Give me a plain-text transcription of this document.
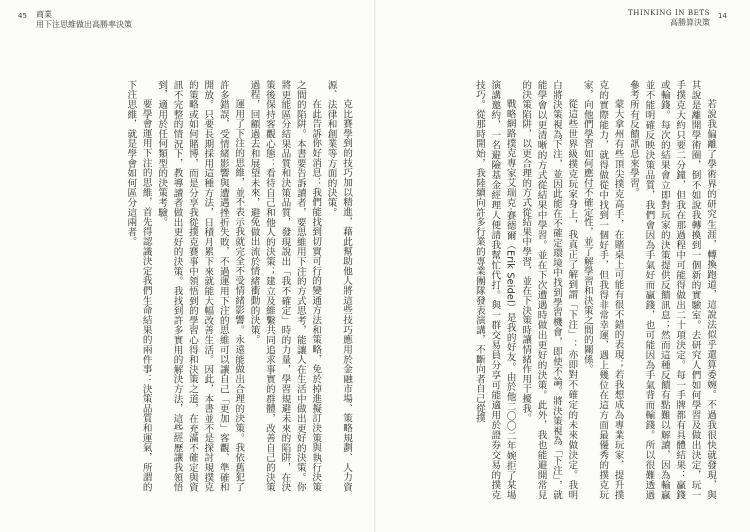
45 商業
用下注思維做出高勝率決策

克比賽學到的技巧加以精進，藉此幫助他人將這些技巧應用於金融市場、策略規劃、人力資源、法律和創業等方面的決策。

在此告訴你好消息：我們能找到切實可行的變通方法和策略，免於掉進擬訂決策與執行決策之間的陷阱。本書要告訴讀者，要思維用下注的方式思考，能讓人在生活中做出更好的決策。你將更能區分結果品質和決策品質，發現說出「我不確定」時的力量，學習規避未來的陷阱，在決策後保持客觀心態：看待自己和他人的決策；建立及維繫共同追求事實的群體，改善自己的決策過程，回顧過去和展望未來，避免做出流於情緒衝動的決策。

運用了下注的思維，並不表示我就完全不受情緒影響。永遠能做出合理的決策。我依舊犯了許多錯誤，受情緒影響與遭遇挫折失敗，不過運用下注的思維可以讓自己「更加」客觀、準確和開放。只要長期採用這種方法，日積月累下來就能大幅改善生活。因此，本書並不是探討規撲克的策略或如何賭博，而是分享我從撲克賽事中領悟到的學習心得和決策之道，在充滿不確定與資訊不完整的情況下，教導讀者做出更好的決策。我找到許多實用的解決方法，這些經歷讓我領悟到，適用於任何類型的決策考驗。

要學會運用下注的思維，首先得認識決定我們生命結果的兩件事：決策品質和運氣，所謂的下注思維，就是學會如何區分這兩者。

THINKING IN BETS
高勝算決策
14

若說我偏離了學術界的研究生涯，轉換跑道，這說法似乎還算委婉。不過我很快就發現，與其說是離開學術圈，倒不如說我轉換到一個新的實驗室。去研究人們如何學習及做出決定，玩一手撲克大約只要二分鐘，但我在那過程中可能得做出二十項決定。每一手牌都有具體結果：贏錢或輸錢。每次的結果會立即對玩家的決策提供反饋訊息；然而這種反饋有點難以解讀，因為輸贏並不能明確反映決策品質，我們會因為手氣好而贏錢，也可能因為手氣背而輸錢。所以很難透過參考所有反饋訊息來學習。

蒙大拿州有些頂尖撲克高手，在賭桌上可能有很不錯的表現；若我想成為專業玩家，提升撲克的實際能力，就得做從中找到一個好手，但我得非常幸運，遇上幾位在這方面最優秀的撲克玩家，向他們學習如何應付不確定性，並了解學習和決策之間的關係。

從這些世界級撲克玩家身上，我真正了解到謂「下注」：亦即對不確定的未來做決定。我明白將決策視為下注，並因此能在不確定環境中找到學習機會，即使不論。將決策視為「下注」，就能學會以更清晰的方式從結果中學習。並在下次遭遇時做出更好的決策。此外，我也能避開常見的決策陷阱，以更合理的方式從結果中學習，並在下決策時讓情緒作用干擾我。

戰略網路撲克專家艾瑞克·賽德爾（Erik Seidel）是我的好友。由於他二〇〇二年婉拒了某場演講邀約，一名避險基金經理人便請我幫忙代打。與一群交易員分享可能適用於證券交易的撲克技巧。從那時開始，我陸續向許多行業的專業團隊發表演講，不斷向者自己從撲
